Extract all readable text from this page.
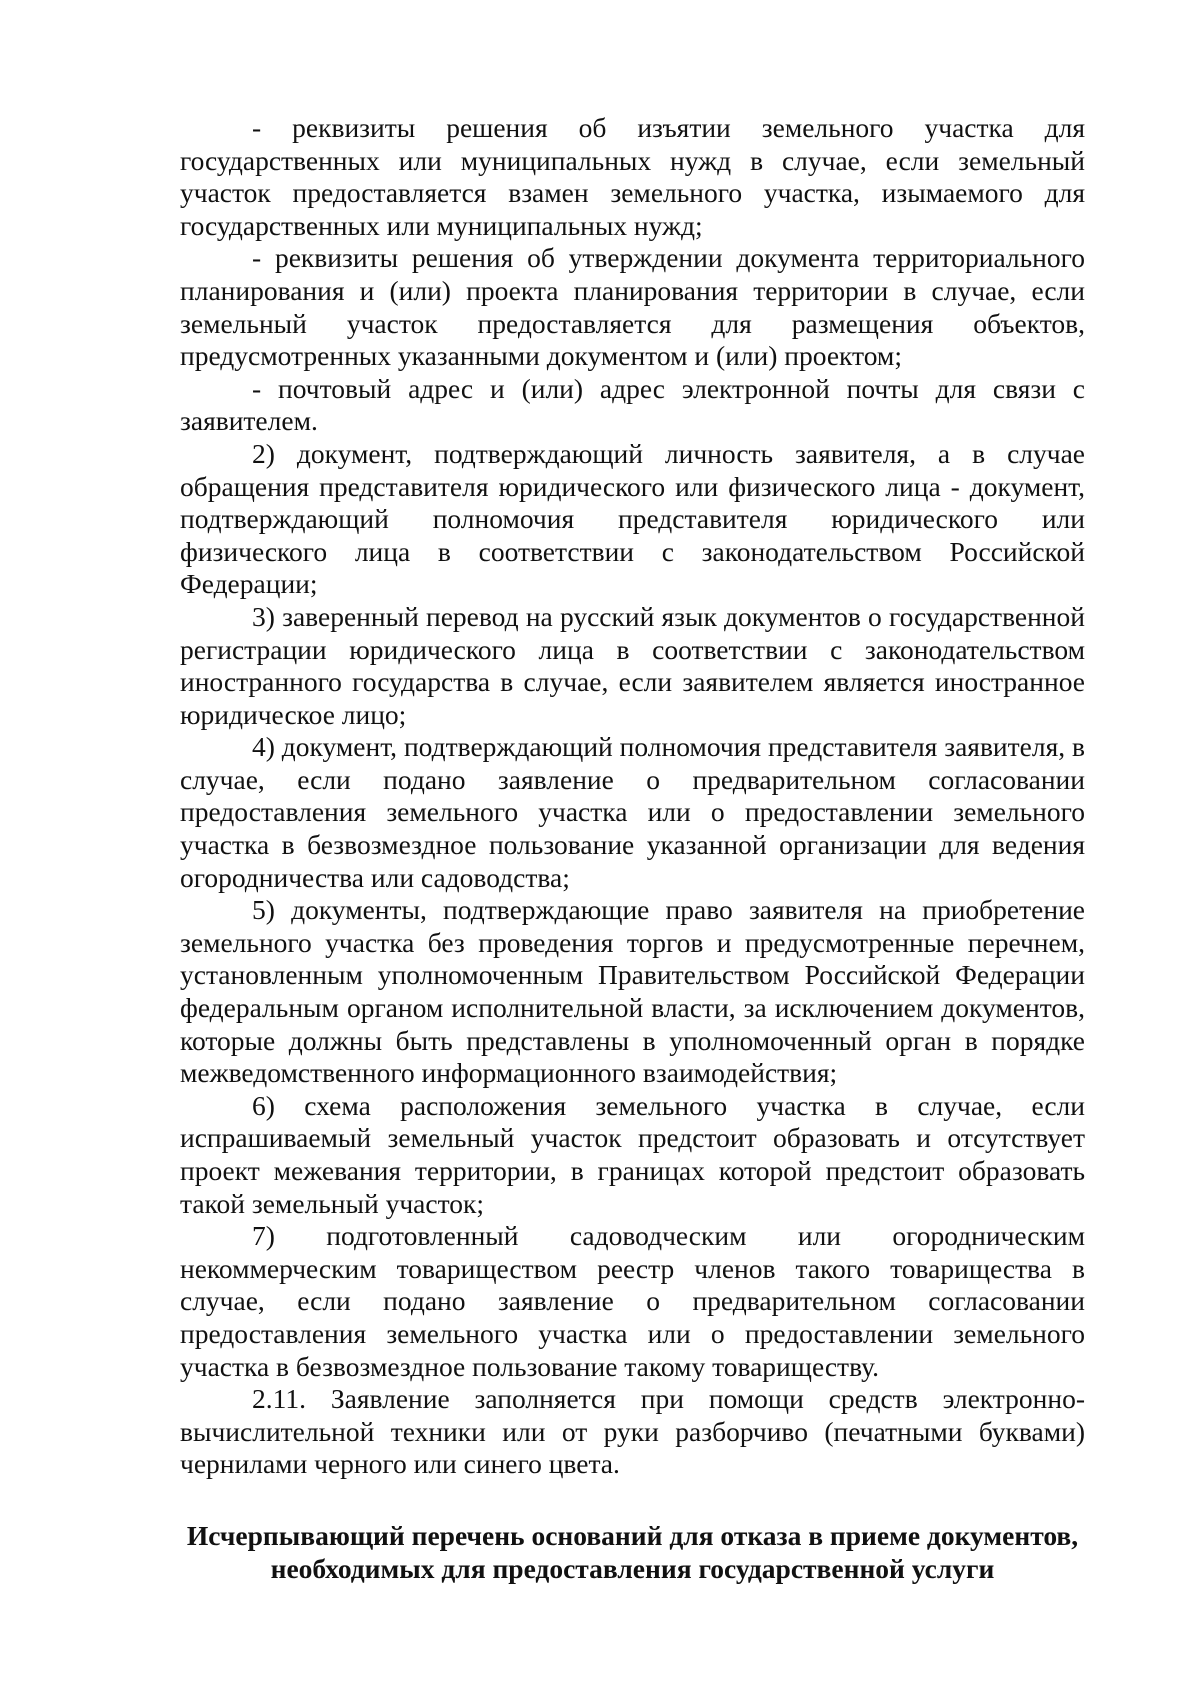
- реквизиты решения об изъятии земельного участка для государственных или муниципальных нужд в случае, если земельный участок предоставляется взамен земельного участка, изымаемого для государственных или муниципальных нужд;

- реквизиты решения об утверждении документа территориального планирования и (или) проекта планирования территории в случае, если земельный участок предоставляется для размещения объектов, предусмотренных указанными документом и (или) проектом;

- почтовый адрес и (или) адрес электронной почты для связи с заявителем.

2) документ, подтверждающий личность заявителя, а в случае обращения представителя юридического или физического лица - документ, подтверждающий полномочия представителя юридического или физического лица в соответствии с законодательством Российской Федерации;

3) заверенный перевод на русский язык документов о государственной регистрации юридического лица в соответствии с законодательством иностранного государства в случае, если заявителем является иностранное юридическое лицо;

4) документ, подтверждающий полномочия представителя заявителя, в случае, если подано заявление о предварительном согласовании предоставления земельного участка или о предоставлении земельного участка в безвозмездное пользование указанной организации для ведения огородничества или садоводства;

5) документы, подтверждающие право заявителя на приобретение земельного участка без проведения торгов и предусмотренные перечнем, установленным уполномоченным Правительством Российской Федерации федеральным органом исполнительной власти, за исключением документов, которые должны быть представлены в уполномоченный орган в порядке межведомственного информационного взаимодействия;

6) схема расположения земельного участка в случае, если испрашиваемый земельный участок предстоит образовать и отсутствует проект межевания территории, в границах которой предстоит образовать такой земельный участок;

7) подготовленный садоводческим или огородническим некоммерческим товариществом реестр членов такого товарищества в случае, если подано заявление о предварительном согласовании предоставления земельного участка или о предоставлении земельного участка в безвозмездное пользование такому товариществу.

2.11. Заявление заполняется при помощи средств электронно-вычислительной техники или от руки разборчиво (печатными буквами) чернилами черного или синего цвета.

Исчерпывающий перечень оснований для отказа в приеме документов,
необходимых для предоставления государственной услуги
